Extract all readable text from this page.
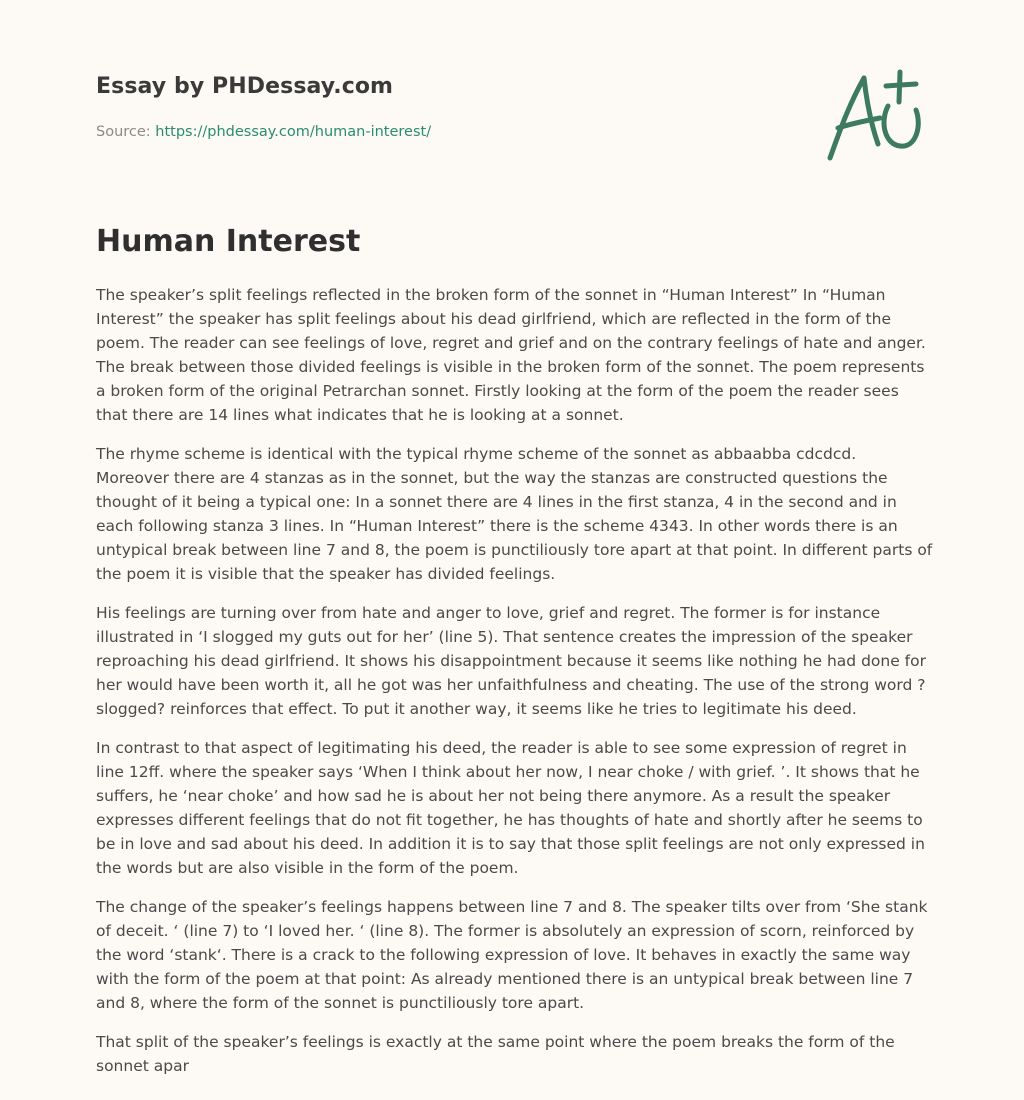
Essay by PHDessay.com

Source: https://phdessay.com/human-interest/

Human Interest

The speaker’s split feelings reflected in the broken form of the sonnet in “Human Interest” In “Human Interest” the speaker has split feelings about his dead girlfriend, which are reflected in the form of the poem. The reader can see feelings of love, regret and grief and on the contrary feelings of hate and anger. The break between those divided feelings is visible in the broken form of the sonnet. The poem represents a broken form of the original Petrarchan sonnet. Firstly looking at the form of the poem the reader sees that there are 14 lines what indicates that he is looking at a sonnet.

The rhyme scheme is identical with the typical rhyme scheme of the sonnet as abbaabba cdcdcd. Moreover there are 4 stanzas as in the sonnet, but the way the stanzas are constructed questions the thought of it being a typical one: In a sonnet there are 4 lines in the first stanza, 4 in the second and in each following stanza 3 lines. In “Human Interest” there is the scheme 4343. In other words there is an untypical break between line 7 and 8, the poem is punctiliously tore apart at that point. In different parts of the poem it is visible that the speaker has divided feelings.

His feelings are turning over from hate and anger to love, grief and regret. The former is for instance illustrated in ‘I slogged my guts out for her’ (line 5). That sentence creates the impression of the speaker reproaching his dead girlfriend. It shows his disappointment because it seems like nothing he had done for her would have been worth it, all he got was her unfaithfulness and cheating. The use of the strong word ? slogged? reinforces that effect. To put it another way, it seems like he tries to legitimate his deed.

In contrast to that aspect of legitimating his deed, the reader is able to see some expression of regret in line 12ff. where the speaker says ‘When I think about her now, I near choke / with grief. ’. It shows that he suffers, he ‘near choke’ and how sad he is about her not being there anymore. As a result the speaker expresses different feelings that do not fit together, he has thoughts of hate and shortly after he seems to be in love and sad about his deed. In addition it is to say that those split feelings are not only expressed in the words but are also visible in the form of the poem.

The change of the speaker’s feelings happens between line 7 and 8. The speaker tilts over from ‘She stank of deceit. ‘ (line 7) to ‘I loved her. ‘ (line 8). The former is absolutely an expression of scorn, reinforced by the word ‘stank‘. There is a crack to the following expression of love. It behaves in exactly the same way with the form of the poem at that point: As already mentioned there is an untypical break between line 7 and 8, where the form of the sonnet is punctiliously tore apart.

That split of the speaker’s feelings is exactly at the same point where the poem breaks the form of the sonnet apar
